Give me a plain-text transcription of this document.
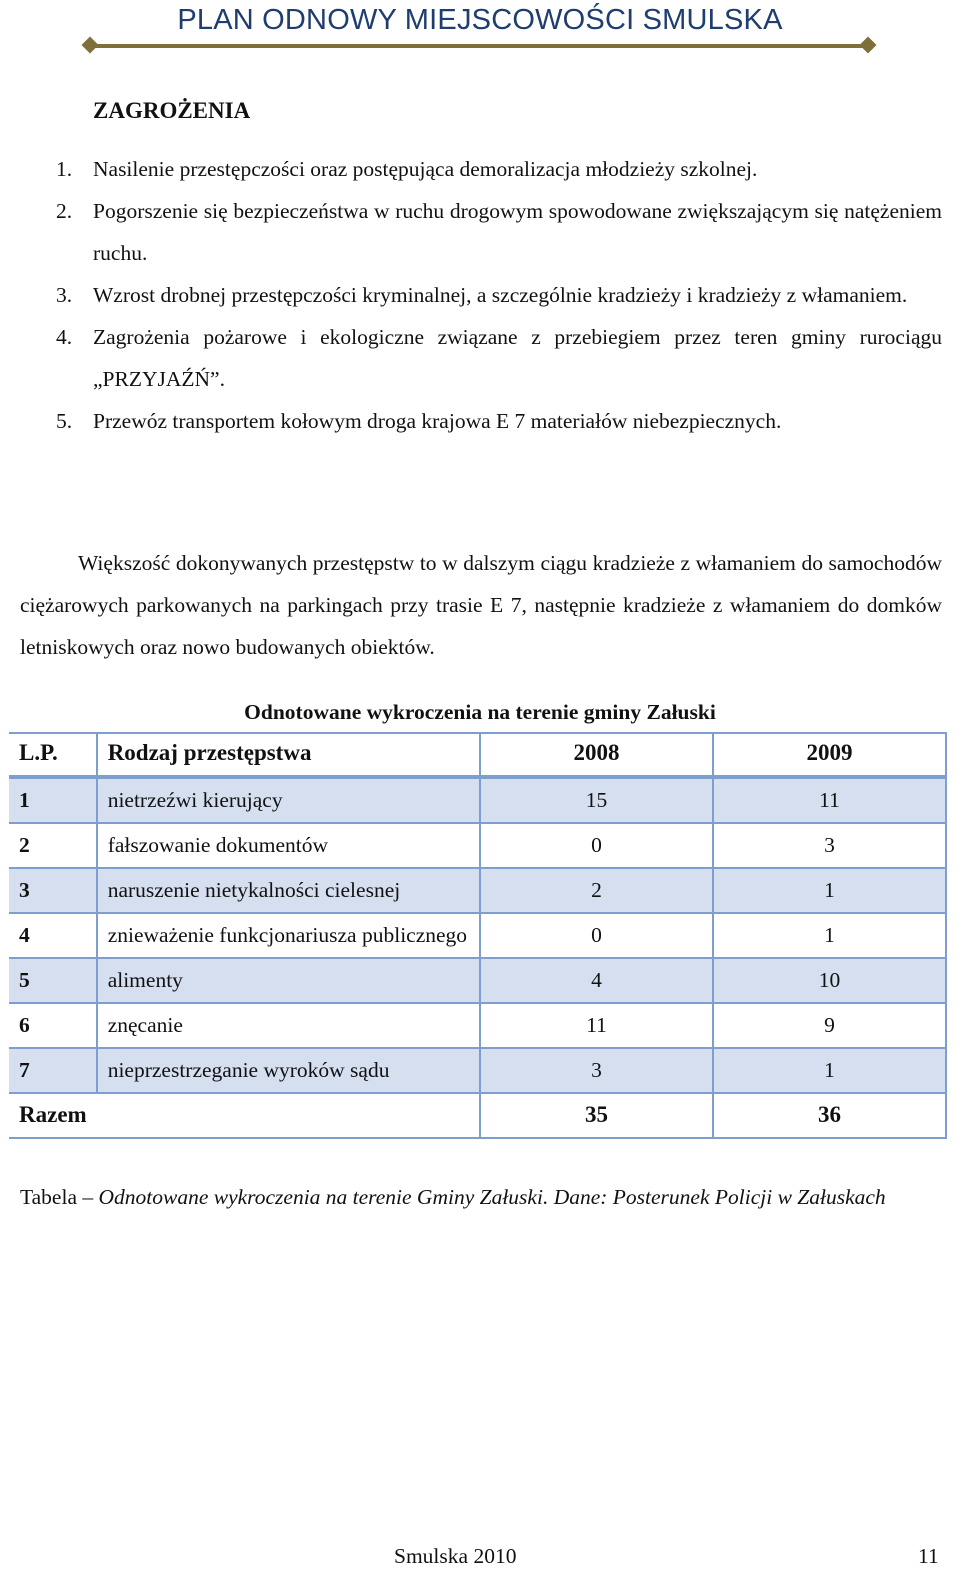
PLAN ODNOWY MIEJSCOWOŚCI SMULSKA
ZAGROŻENIA
1. Nasilenie przestępczości oraz postępująca demoralizacja młodzieży szkolnej.
2. Pogorszenie się bezpieczeństwa w ruchu drogowym spowodowane zwiększającym się natężeniem ruchu.
3. Wzrost drobnej przestępczości kryminalnej, a szczególnie kradzieży i kradzieży z włamaniem.
4. Zagrożenia pożarowe i ekologiczne związane z przebiegiem przez teren gminy rurociągu „PRZYJAŹŃ”.
5. Przewóz transportem kołowym droga krajowa E 7 materiałów niebezpiecznych.

Większość dokonywanych przestępstw to w dalszym ciągu kradzieże z włamaniem do samochodów ciężarowych parkowanych na parkingach przy trasie E 7, następnie kradzieże z włamaniem do domków letniskowych oraz nowo budowanych obiektów.

Odnotowane wykroczenia na terenie gminy Załuski
L.P.	Rodzaj przestępstwa	2008	2009
1	nietrzeźwi kierujący	15	11
2	fałszowanie dokumentów	0	3
3	naruszenie nietykalności cielesnej	2	1
4	znieważenie funkcjonariusza publicznego	0	1
5	alimenty	4	10
6	znęcanie	11	9
7	nieprzestrzeganie wyroków sądu	3	1
Razem		35	36
Tabela – Odnotowane wykroczenia na terenie Gminy Załuski. Dane: Posterunek Policji w Załuskach
Smulska 2010	11
